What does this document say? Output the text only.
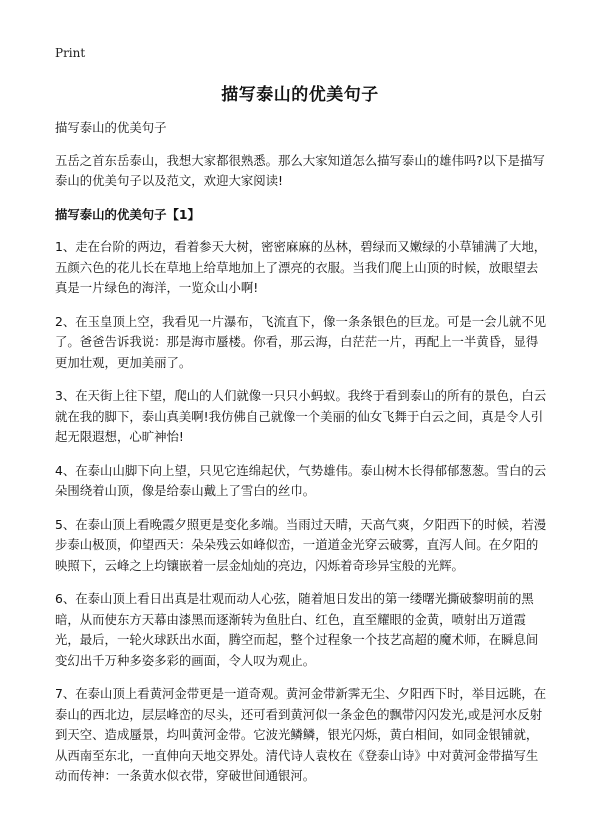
Print
描写泰山的优美句子

描写泰山的优美句子

五岳之首东岳泰山，我想大家都很熟悉。那么大家知道怎么描写泰山的雄伟吗?以下是描写泰山的优美句子以及范文，欢迎大家阅读!

描写泰山的优美句子【1】

1、走在台阶的两边，看着参天大树，密密麻麻的丛林，碧绿而又嫩绿的小草铺满了大地，五颜六色的花儿长在草地上给草地加上了漂亮的衣服。当我们爬上山顶的时候，放眼望去真是一片绿色的海洋，一览众山小啊!

2、在玉皇顶上空，我看见一片瀑布，飞流直下，像一条条银色的巨龙。可是一会儿就不见了。爸爸告诉我说：那是海市蜃楼。你看，那云海，白茫茫一片，再配上一半黄昏，显得更加壮观，更加美丽了。

3、在天街上往下望，爬山的人们就像一只只小蚂蚁。我终于看到泰山的所有的景色，白云就在我的脚下，泰山真美啊!我仿佛自己就像一个美丽的仙女飞舞于白云之间，真是令人引起无限遐想，心旷神怡!

4、在泰山山脚下向上望，只见它连绵起伏，气势雄伟。泰山树木长得郁郁葱葱。雪白的云朵围绕着山顶，像是给泰山戴上了雪白的丝巾。

5、在泰山顶上看晚霞夕照更是变化多端。当雨过天晴，天高气爽，夕阳西下的时候，若漫步泰山极顶，仰望西天：朵朵残云如峰似峦，一道道金光穿云破雾，直泻人间。在夕阳的映照下，云峰之上均镶嵌着一层金灿灿的亮边，闪烁着奇珍异宝般的光辉。

6、在泰山顶上看日出真是壮观而动人心弦，随着旭日发出的第一缕曙光撕破黎明前的黑暗，从而使东方天幕由漆黑而逐渐转为鱼肚白、红色，直至耀眼的金黄，喷射出万道霞光，最后，一轮火球跃出水面，腾空而起，整个过程象一个技艺高超的魔术师，在瞬息间变幻出千万种多姿多彩的画面，令人叹为观止。

7、在泰山顶上看黄河金带更是一道奇观。黄河金带新霁无尘、夕阳西下时，举目远眺，在泰山的西北边，层层峰峦的尽头，还可看到黄河似一条金色的飘带闪闪发光,或是河水反射到天空、造成蜃景，均叫黄河金带。它波光鳞鳞，银光闪烁，黄白相间，如同金银铺就，从西南至东北，一直伸向天地交界处。清代诗人袁枚在《登泰山诗》中对黄河金带描写生动而传神：一条黄水似衣带，穿破世间通银河。
